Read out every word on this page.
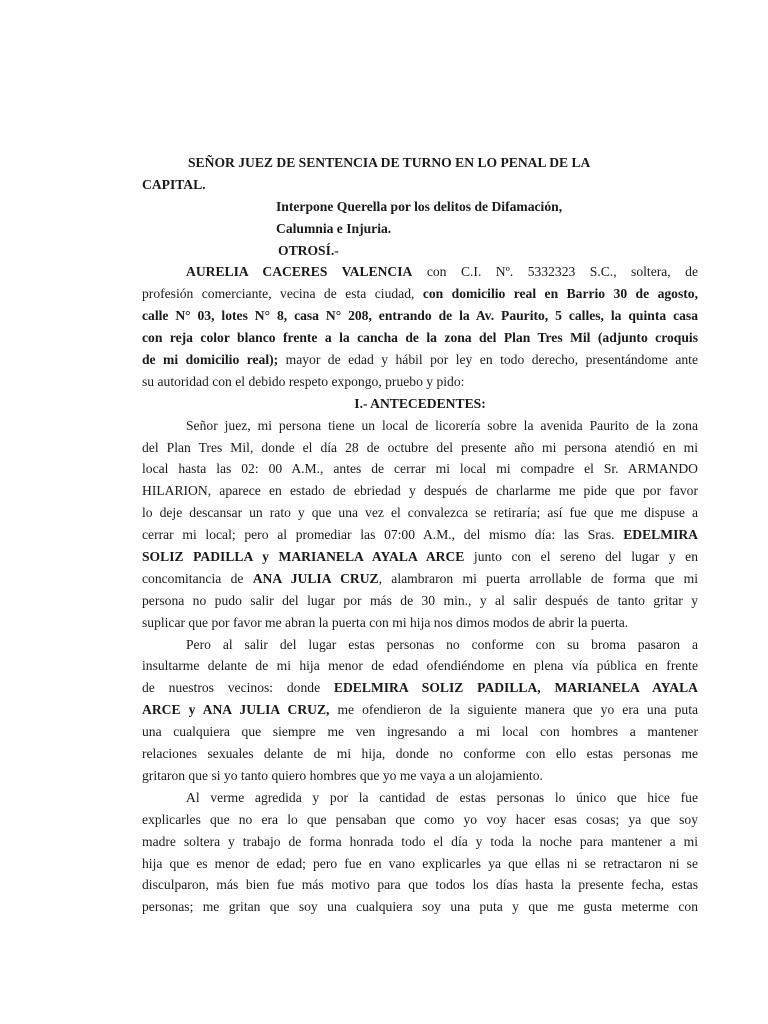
SEÑOR JUEZ DE SENTENCIA DE TURNO EN LO PENAL DE LA
CAPITAL.
Interpone Querella por los delitos de Difamación,
Calumnia e Injuria.
OTROSÍ.-
AURELIA CACERES VALENCIA con C.I. Nº. 5332323 S.C., soltera, de
profesión comerciante, vecina de esta ciudad, con domicilio real en Barrio 30 de agosto,
calle N° 03, lotes N° 8, casa N° 208, entrando de la Av. Paurito, 5 calles, la quinta casa
con reja color blanco frente a la cancha de la zona del Plan Tres Mil (adjunto croquis
de mi domicilio real); mayor de edad y hábil por ley en todo derecho, presentándome ante
su autoridad con el debido respeto expongo, pruebo y pido:
I.- ANTECEDENTES:
Señor juez, mi persona tiene un local de licorería sobre la avenida Paurito de la zona
del Plan Tres Mil, donde el día 28 de octubre del presente año mi persona atendió en mi
local hasta las 02: 00 A.M., antes de cerrar mi local mi compadre el Sr. ARMANDO
HILARION, aparece en estado de ebriedad y después de charlarme me pide que por favor
lo deje descansar un rato y que una vez el convalezca se retiraría; así fue que me dispuse a
cerrar mi local; pero al promediar las 07:00 A.M., del mismo día: las Sras. EDELMIRA
SOLIZ PADILLA y MARIANELA AYALA ARCE junto con el sereno del lugar y en
concomitancia de ANA JULIA CRUZ, alambraron mi puerta arrollable de forma que mi
persona no pudo salir del lugar por más de 30 min., y al salir después de tanto gritar y
suplicar que por favor me abran la puerta con mi hija nos dimos modos de abrir la puerta.
Pero al salir del lugar estas personas no conforme con su broma pasaron a
insultarme delante de mi hija menor de edad ofendiéndome en plena vía pública en frente
de nuestros vecinos: donde EDELMIRA SOLIZ PADILLA, MARIANELA AYALA
ARCE y ANA JULIA CRUZ, me ofendieron de la siguiente manera que yo era una puta
una cualquiera que siempre me ven ingresando a mi local con hombres a mantener
relaciones sexuales delante de mi hija, donde no conforme con ello estas personas me
gritaron que si yo tanto quiero hombres que yo me vaya a un alojamiento.
Al verme agredida y por la cantidad de estas personas lo único que hice fue
explicarles que no era lo que pensaban que como yo voy hacer esas cosas; ya que soy
madre soltera y trabajo de forma honrada todo el día y toda la noche para mantener a mi
hija que es menor de edad; pero fue en vano explicarles ya que ellas ni se retractaron ni se
disculparon, más bien fue más motivo para que todos los días hasta la presente fecha, estas
personas; me gritan que soy una cualquiera soy una puta y que me gusta meterme con
